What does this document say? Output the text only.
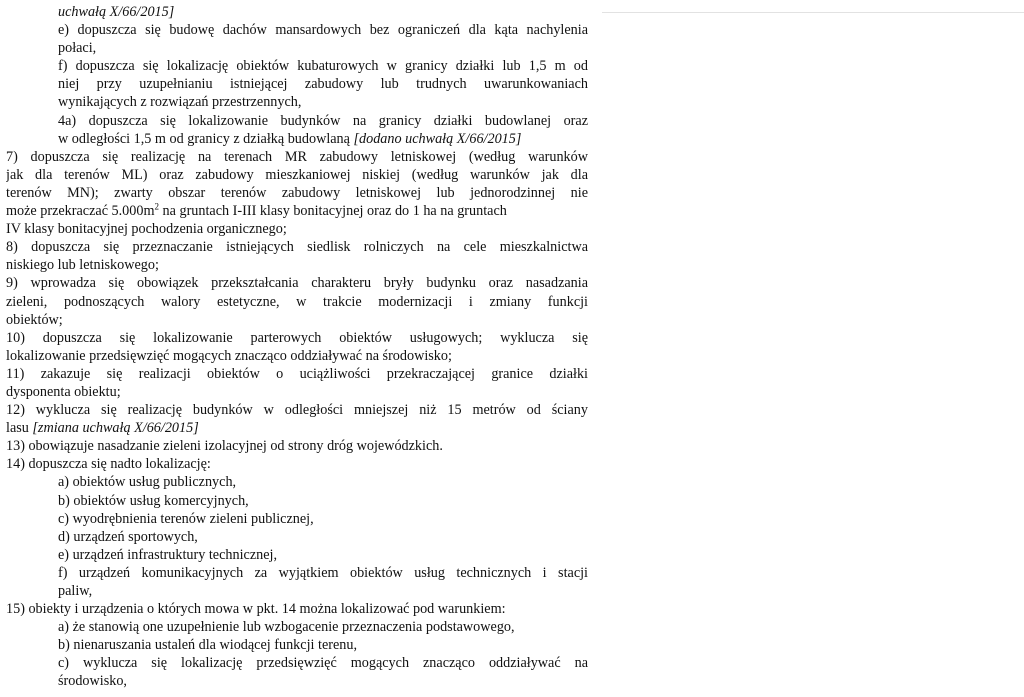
uchwałą X/66/2015]
e) dopuszcza się budowę dachów mansardowych bez ograniczeń dla kąta nachylenia
połaci,
f) dopuszcza się lokalizację obiektów kubaturowych w granicy działki lub 1,5 m od
niej przy uzupełnianiu istniejącej zabudowy lub trudnych uwarunkowaniach
wynikających z rozwiązań przestrzennych,
4a) dopuszcza się lokalizowanie budynków na granicy działki budowlanej oraz
w odległości 1,5 m od granicy z działką budowlaną [dodano uchwałą X/66/2015]
7) dopuszcza się realizację na terenach MR zabudowy letniskowej (według warunków
jak dla terenów ML) oraz zabudowy mieszkaniowej niskiej (według warunków jak dla
terenów MN); zwarty obszar terenów zabudowy letniskowej lub jednorodzinnej nie
może przekraczać $5.000m^2$ na gruntach I-III klasy bonitacyjnej oraz do 1 ha na gruntach
IV klasy bonitacyjnej pochodzenia organicznego;
8) dopuszcza się przeznaczanie istniejących siedlisk rolniczych na cele mieszkalnictwa
niskiego lub letniskowego;
9) wprowadza się obowiązek przekształcania charakteru bryły budynku oraz nasadzania
zieleni, podnoszących walory estetyczne, w trakcie modernizacji i zmiany funkcji
obiektów;
10) dopuszcza się lokalizowanie parterowych obiektów usługowych; wyklucza się
lokalizowanie przedsięwzięć mogących znacząco oddziaływać na środowisko;
11) zakazuje się realizacji obiektów o uciążliwości przekraczającej granice działki
dysponenta obiektu;
12) wyklucza się realizację budynków w odległości mniejszej niż 15 metrów od ściany
lasu [zmiana uchwałą X/66/2015]
13) obowiązuje nasadzanie zieleni izolacyjnej od strony dróg wojewódzkich.
14) dopuszcza się nadto lokalizację:
a) obiektów usług publicznych,
b) obiektów usług komercyjnych,
c) wyodrębnienia terenów zieleni publicznej,
d) urządzeń sportowych,
e) urządzeń infrastruktury technicznej,
f) urządzeń komunikacyjnych za wyjątkiem obiektów usług technicznych i stacji
paliw,
15) obiekty i urządzenia o których mowa w pkt. 14 można lokalizować pod warunkiem:
a) że stanowią one uzupełnienie lub wzbogacenie przeznaczenia podstawowego,
b) nienaruszania ustaleń dla wiodącej funkcji terenu,
c) wyklucza się lokalizację przedsięwzięć mogących znacząco oddziaływać na
środowisko,
